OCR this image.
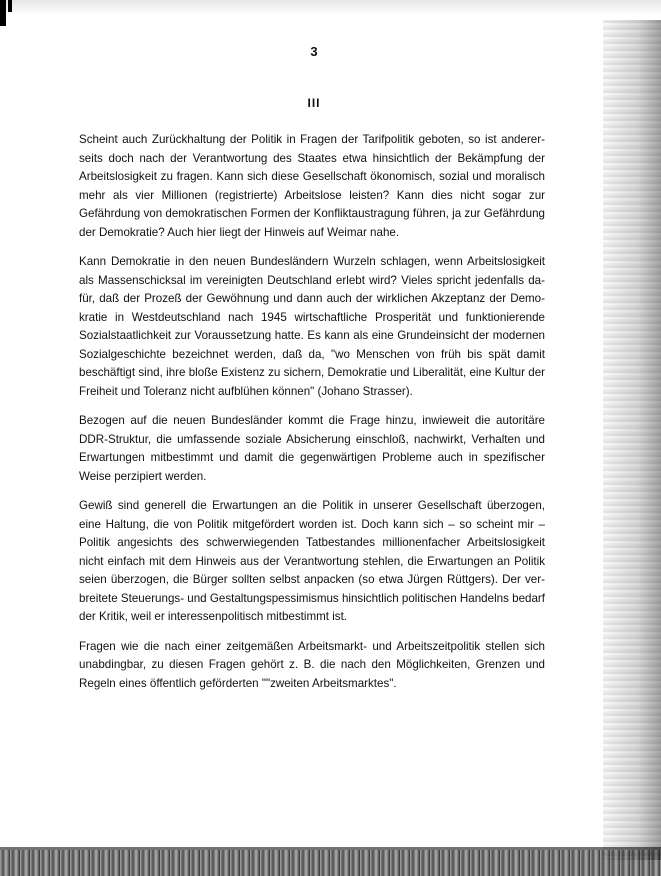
3
III

Scheint auch Zurückhaltung der Politik in Fragen der Tarifpolitik geboten, so ist andererseits doch nach der Verantwortung des Staates etwa hinsichtlich der Bekämpfung der Arbeitslosigkeit zu fragen. Kann sich diese Gesellschaft ökonomisch, sozial und moralisch mehr als vier Millionen (registrierte) Arbeitslose leisten? Kann dies nicht sogar zur Gefährdung von demokratischen Formen der Konfliktaustragung führen, ja zur Gefährdung der Demokratie? Auch hier liegt der Hinweis auf Weimar nahe.

Kann Demokratie in den neuen Bundesländern Wurzeln schlagen, wenn Arbeitslosigkeit als Massenschicksal im vereinigten Deutschland erlebt wird? Vieles spricht jedenfalls dafür, daß der Prozeß der Gewöhnung und dann auch der wirklichen Akzeptanz der Demokratie in Westdeutschland nach 1945 wirtschaftliche Prosperität und funktionierende Sozialstaatlichkeit zur Voraussetzung hatte. Es kann als eine Grundeinsicht der modernen Sozialgeschichte bezeichnet werden, daß da, "wo Menschen von früh bis spät damit beschäftigt sind, ihre bloße Existenz zu sichern, Demokratie und Liberalität, eine Kultur der Freiheit und Toleranz nicht aufblühen können" (Johano Strasser).

Bezogen auf die neuen Bundesländer kommt die Frage hinzu, inwieweit die autoritäre DDR-Struktur, die umfassende soziale Absicherung einschloß, nachwirkt, Verhalten und Erwartungen mitbestimmt und damit die gegenwärtigen Probleme auch in spezifischer Weise perzipiert werden.

Gewiß sind generell die Erwartungen an die Politik in unserer Gesellschaft überzogen, eine Haltung, die von Politik mitgefördert worden ist. Doch kann sich – so scheint mir – Politik angesichts des schwerwiegenden Tatbestandes millionenfacher Arbeitslosigkeit nicht einfach mit dem Hinweis aus der Verantwortung stehlen, die Erwartungen an Politik seien überzogen, die Bürger sollten selbst anpacken (so etwa Jürgen Rüttgers). Der verbreitete Steuerungs- und Gestaltungspessimismus hinsichtlich politischen Handelns bedarf der Kritik, weil er interessenpolitisch mitbestimmt ist.

Fragen wie die nach einer zeitgemäßen Arbeitsmarkt- und Arbeitszeitpolitik stellen sich unabdingbar, zu diesen Fragen gehört z. B. die nach den Möglichkeiten, Grenzen und Regeln eines öffentlich geförderten ""zweiten Arbeitsmarktes".
